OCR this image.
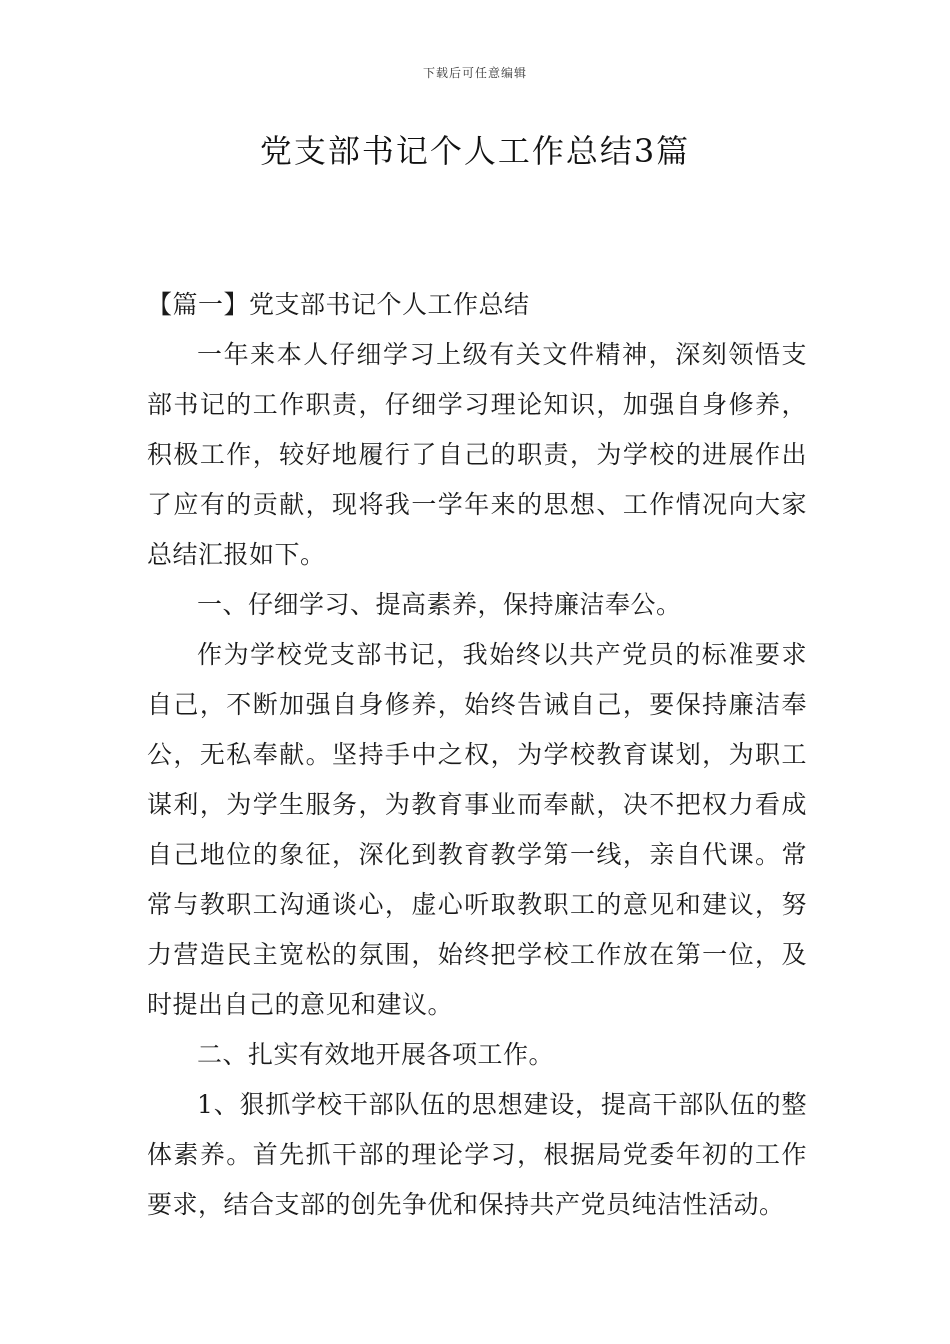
下载后可任意编辑
党支部书记个人工作总结3篇

【篇一】党支部书记个人工作总结

一年来本人仔细学习上级有关文件精神，深刻领悟支部书记的工作职责，仔细学习理论知识，加强自身修养，积极工作，较好地履行了自己的职责，为学校的进展作出了应有的贡献，现将我一学年来的思想、工作情况向大家总结汇报如下。

一、仔细学习、提高素养，保持廉洁奉公。

作为学校党支部书记，我始终以共产党员的标准要求自己，不断加强自身修养，始终告诫自己，要保持廉洁奉公，无私奉献。坚持手中之权，为学校教育谋划，为职工谋利，为学生服务，为教育事业而奉献，决不把权力看成自己地位的象征，深化到教育教学第一线，亲自代课。常常与教职工沟通谈心，虚心听取教职工的意见和建议，努力营造民主宽松的氛围，始终把学校工作放在第一位，及时提出自己的意见和建议。

二、扎实有效地开展各项工作。

1、狠抓学校干部队伍的思想建设，提高干部队伍的整体素养。首先抓干部的理论学习，根据局党委年初的工作要求，结合支部的创先争优和保持共产党员纯洁性活动。
